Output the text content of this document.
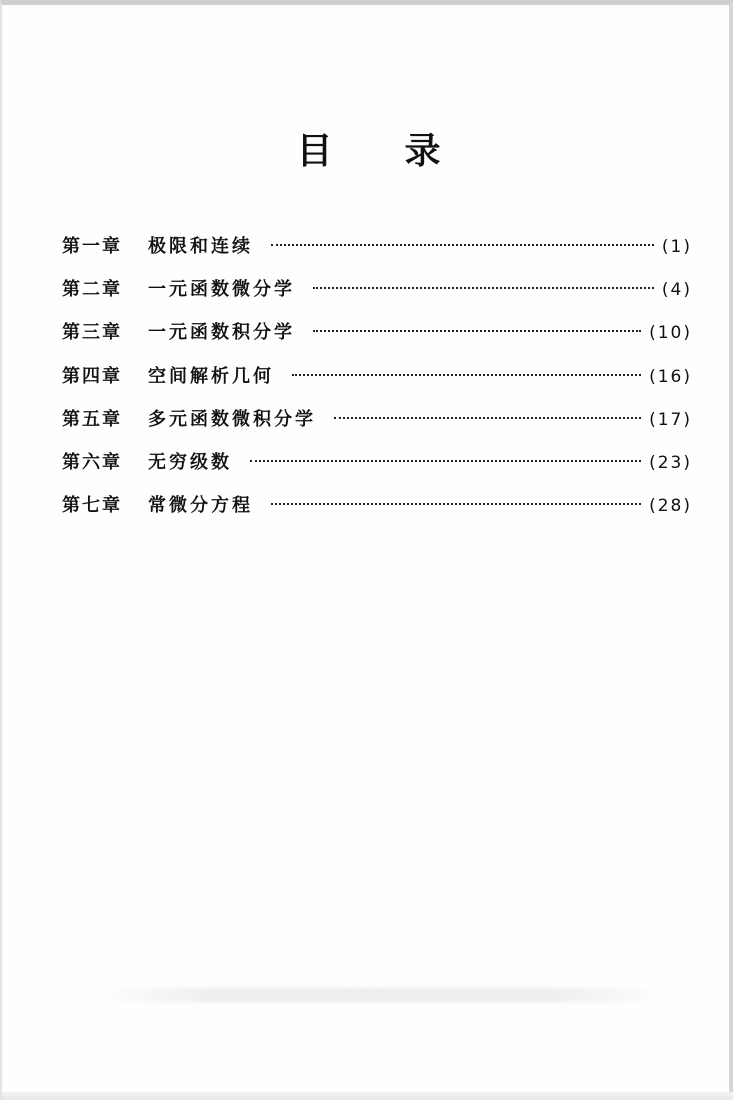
目 录
第一章	极限和连续	(1)
第二章	一元函数微分学	(4)
第三章	一元函数积分学	(10)
第四章	空间解析几何	(16)
第五章	多元函数微积分学	(17)
第六章	无穷级数	(23)
第七章	常微分方程	(28)
